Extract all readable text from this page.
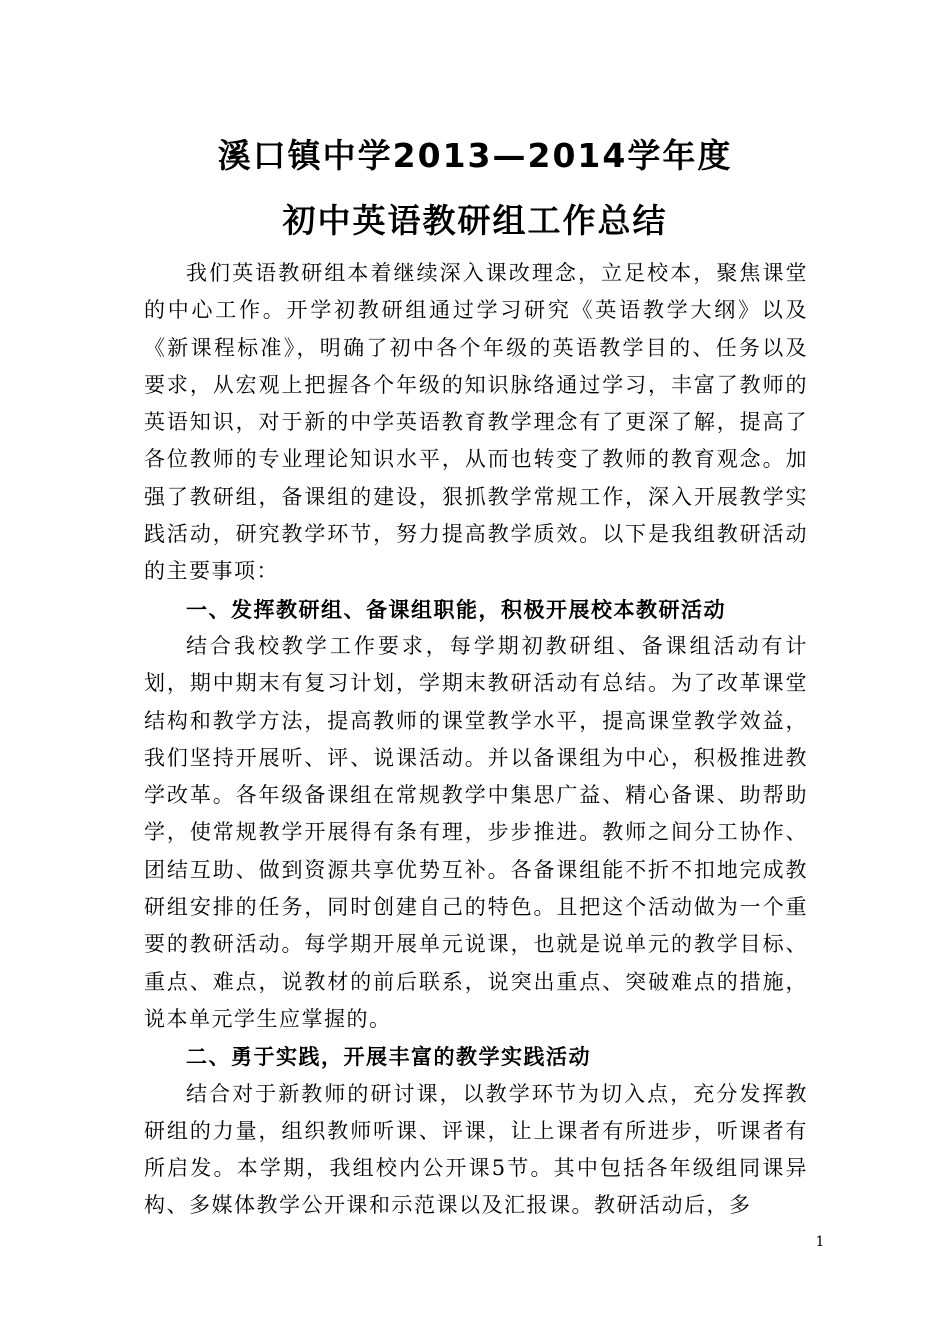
溪口镇中学2013—2014学年度
初中英语教研组工作总结

我们英语教研组本着继续深入课改理念，立足校本，聚焦课堂的中心工作。开学初教研组通过学习研究《英语教学大纲》以及《新课程标准》，明确了初中各个年级的英语教学目的、任务以及要求，从宏观上把握各个年级的知识脉络通过学习，丰富了教师的英语知识，对于新的中学英语教育教学理念有了更深了解，提高了各位教师的专业理论知识水平，从而也转变了教师的教育观念。加强了教研组，备课组的建设，狠抓教学常规工作，深入开展教学实践活动，研究教学环节，努力提高教学质效。以下是我组教研活动的主要事项：

一、发挥教研组、备课组职能，积极开展校本教研活动

结合我校教学工作要求，每学期初教研组、备课组活动有计划，期中期末有复习计划，学期末教研活动有总结。为了改革课堂结构和教学方法，提高教师的课堂教学水平，提高课堂教学效益，我们坚持开展听、评、说课活动。并以备课组为中心，积极推进教学改革。各年级备课组在常规教学中集思广益、精心备课、助帮助学，使常规教学开展得有条有理，步步推进。教师之间分工协作、团结互助、做到资源共享优势互补。各备课组能不折不扣地完成教研组安排的任务，同时创建自己的特色。且把这个活动做为一个重要的教研活动。每学期开展单元说课，也就是说单元的教学目标、重点、难点，说教材的前后联系，说突出重点、突破难点的措施，说本单元学生应掌握的。

二、勇于实践，开展丰富的教学实践活动

结合对于新教师的研讨课，以教学环节为切入点，充分发挥教研组的力量，组织教师听课、评课，让上课者有所进步，听课者有所启发。本学期，我组校内公开课5节。其中包括各年级组同课异构、多媒体教学公开课和示范课以及汇报课。教研活动后，多

1
